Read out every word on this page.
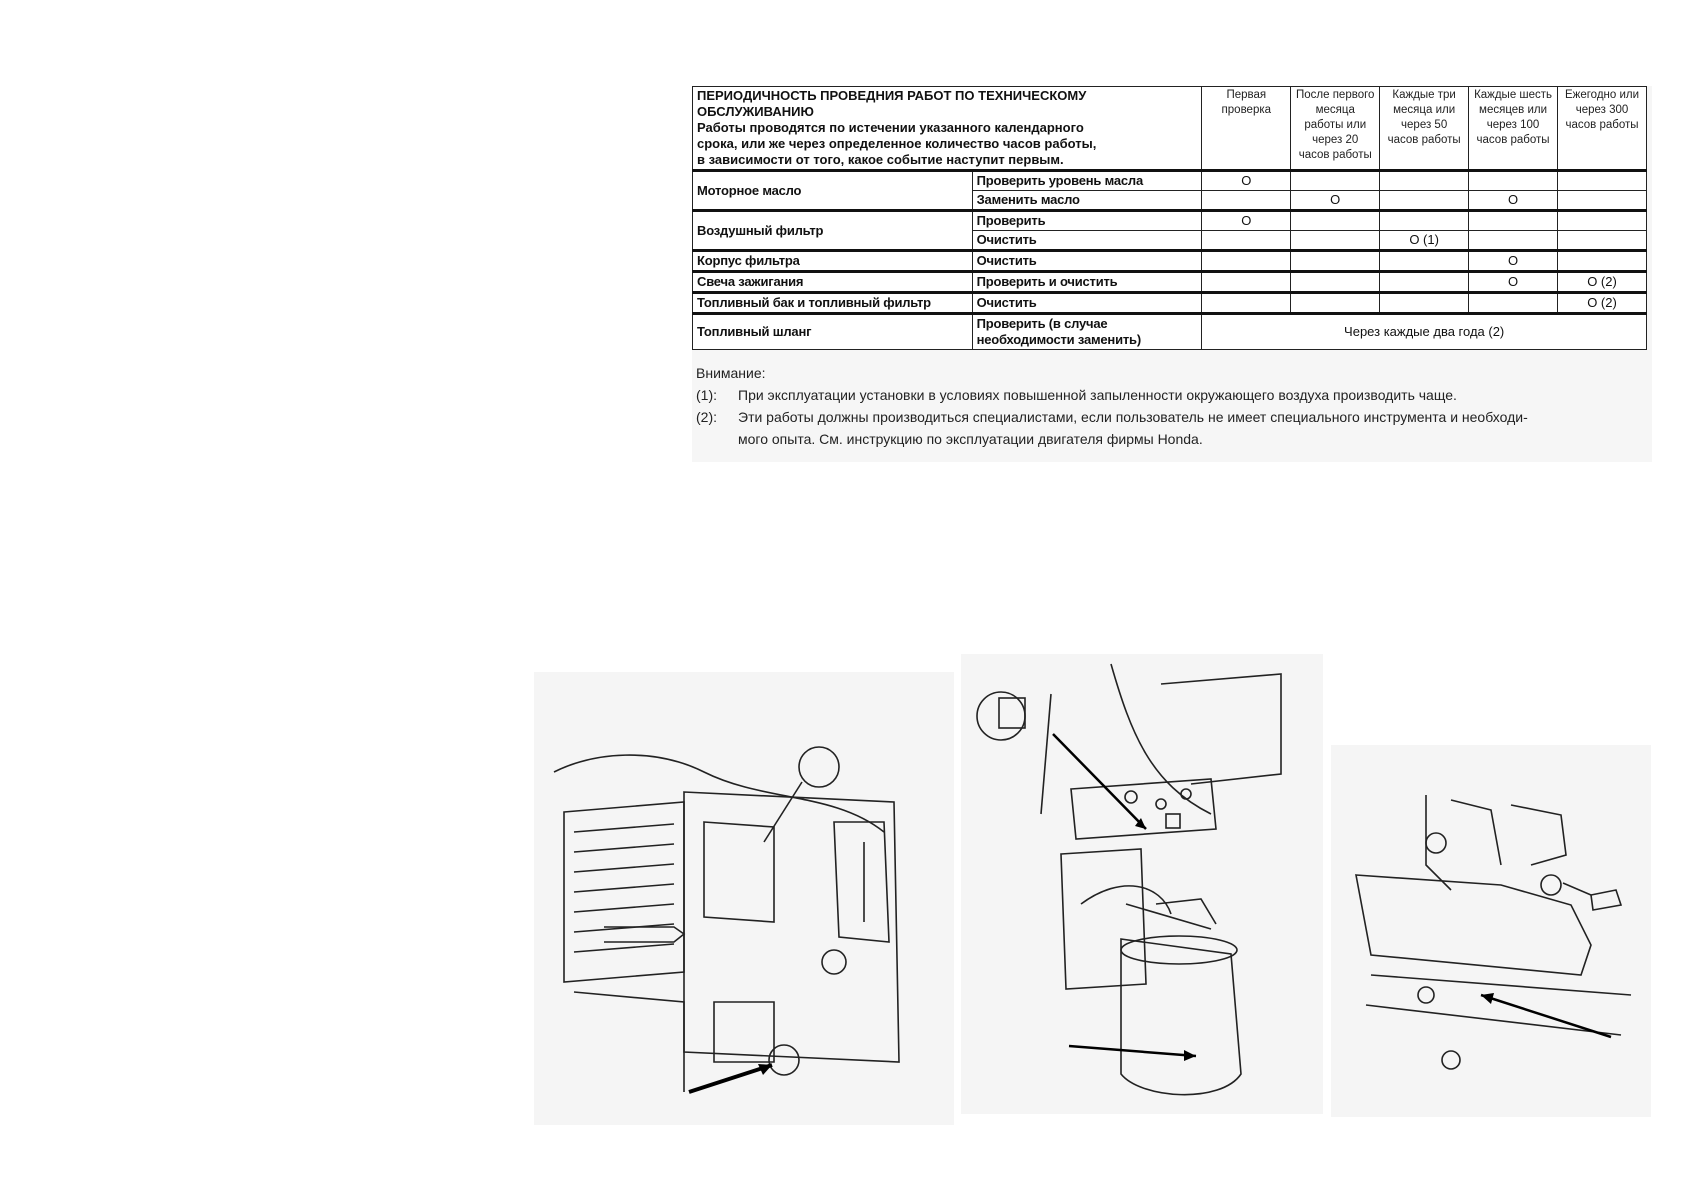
ПЕРИОДИЧНОСТЬ ПРОВЕДНИЯ РАБОТ ПО ТЕХНИЧЕСКОМУ
ОБСЛУЖИВАНИЮ
Работы проводятся по истечении указанного календарного
срока, или же через определенное количество часов работы,
в зависимости от того, какое событие наступит первым.		Первая проверка	После первого месяца работы или через 20 часов работы	Каждые три месяца или через 50 часов работы	Каждые шесть месяцев или через 100 часов работы	Ежегодно или через 300 часов работы
Моторное масло	Проверить уровень масла	O				
	Заменить масло		O		O	
Воздушный фильтр	Проверить	O				
	Очистить			O (1)		
Корпус фильтра	Очистить				O	
Свеча зажигания	Проверить и очистить				O	O (2)
Топливный бак и топливный фильтр	Очистить					O (2)
Топливный шланг	Проверить (в случае
необходимости заменить)	Через каждые два года (2)				
Внимание:
(1):	При эксплуатации установки в условиях повышенной запыленности окружающего воздуха производить чаще.
(2):	Эти работы должны производиться специалистами, если пользователь не имеет специального инструмента и необходи-
мого опыта. См. инструкцию по эксплуатации двигателя фирмы Honda.
